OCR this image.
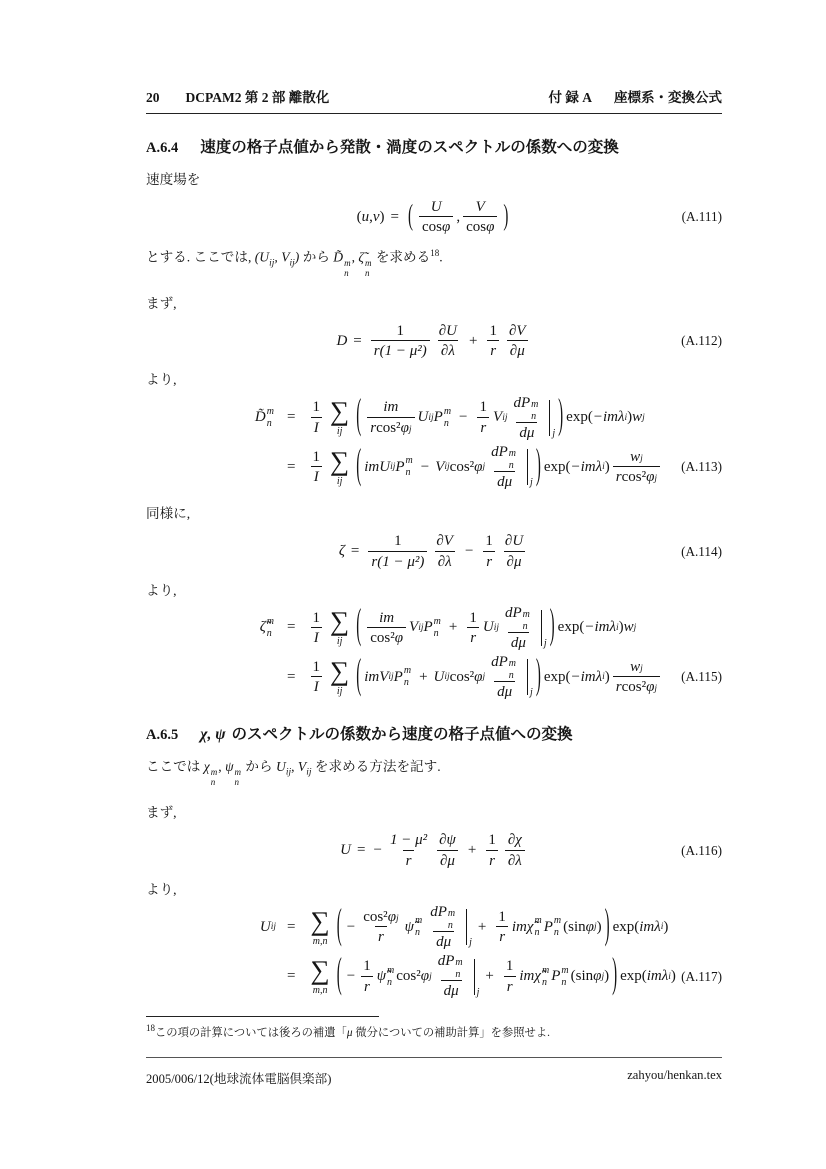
20 DCPAM2 第 2 部 離散化	付 録 A 座標系・変換公式
A.6.4 速度の格子点値から発散・渦度のスペクトルの係数への変換
速度場を
( u , v ) = ( U
cos φ
,
V
cos φ )	(A.111)
とする. ここでは, ($U_{ij}$, $V_{ij}$) から D̃ m
n
, ζ̃ m
n
を求める$^{18}$.
まず,
$D = \frac{1}{\text{r(1 − μ²)}} \partial U$
∂λ
+ $\frac{1}{r} \partial V$
∂μ
(A.112)
より,
D̃ m
$n = \frac{1}{I}$ ∑
ij ( im
r cos² φ j
U ij P m
$n - \frac{1}{r}$ V ij
dP m
n
dμ j ) exp ( −imλ i ) w j
= $\frac{1}{I}$ ∑
ij ( im U ij P m
n − V ij cos² φ j
dP m
n
dμ j ) exp ( −imλ i )
w j
r cos² φ j
(A.113)
同様に,
$\zeta = \frac{1}{\text{r(1 − μ²)}} \partial V$
∂λ
− $\frac{1}{r} \partial U$
∂μ
(A.114)
より,
ζ̃ m
$n = \frac{1}{I}$ ∑
ij ( im
cos² φ
V ij P m
$n + \frac{1}{r}$ U ij
dP m
n
dμ j ) exp ( −imλ i ) w j
= $\frac{1}{I}$ ∑
ij ( im V ij P m
n + U ij cos² φ j
dP m
n
dμ j ) exp ( −imλ i )
w j
r cos² φ j
(A.115)
A.6.5 χ, ψ のスペクトルの係数から速度の格子点値への変換
ここでは χ m
n
, ψ m
n
から $U_{ij}$, $V_{ij}$ を求める方法を記す.
まず,
U = − $\frac{\text{1 − μ²}}{r} \partial\psi$
∂μ
+ $\frac{1}{r} \partial\chi$
∂λ
(A.116)
より,
U ij = ∑
m,n ( − $\frac{\text{cos² φ j}}{r}$ ψ̃ m
n
dP m
n
dμ j
+ $\frac{1}{r}$ im χ̃ m
n P m
n ( sin φ j ) ) exp ( imλ i )
= ∑
m,n ( − $\frac{1}{r}$ ψ̃ m
n cos² φ j
dP m
n
dμ j
+ $\frac{1}{r}$ im χ̃ m
n P m
n ( sin φ j ) ) exp ( imλ i ) (A.117)
$^{18}$この項の計算については後ろの補遺「μ 微分についての補助計算」を参照せよ.
2005/006/12(地球流体電脳倶楽部)	zahyou/henkan.tex
